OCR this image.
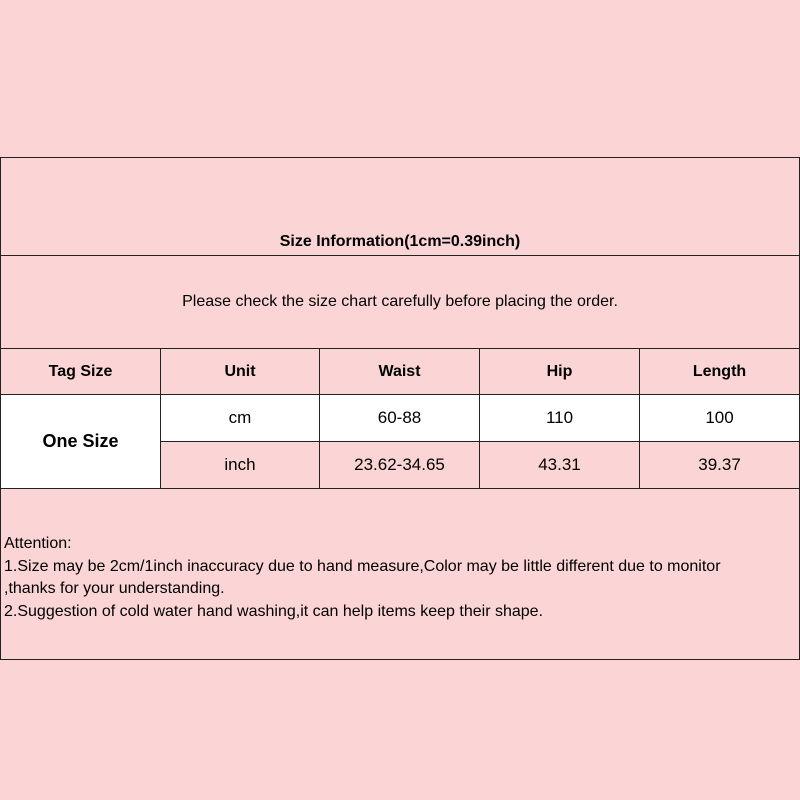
Size Information(1cm=0.39inch)				
Please check the size chart carefully before placing the order.				
Tag Size	Unit	Waist	Hip	Length
One Size	cm	60-88	110	100
	inch	23.62-34.65	43.31	39.37

Attention:
1.Size may be 2cm/1inch inaccuracy due to hand measure,Color may be little different due to monitor
,thanks for your understanding.
2.Suggestion of cold water hand washing,it can help items keep their shape.				
